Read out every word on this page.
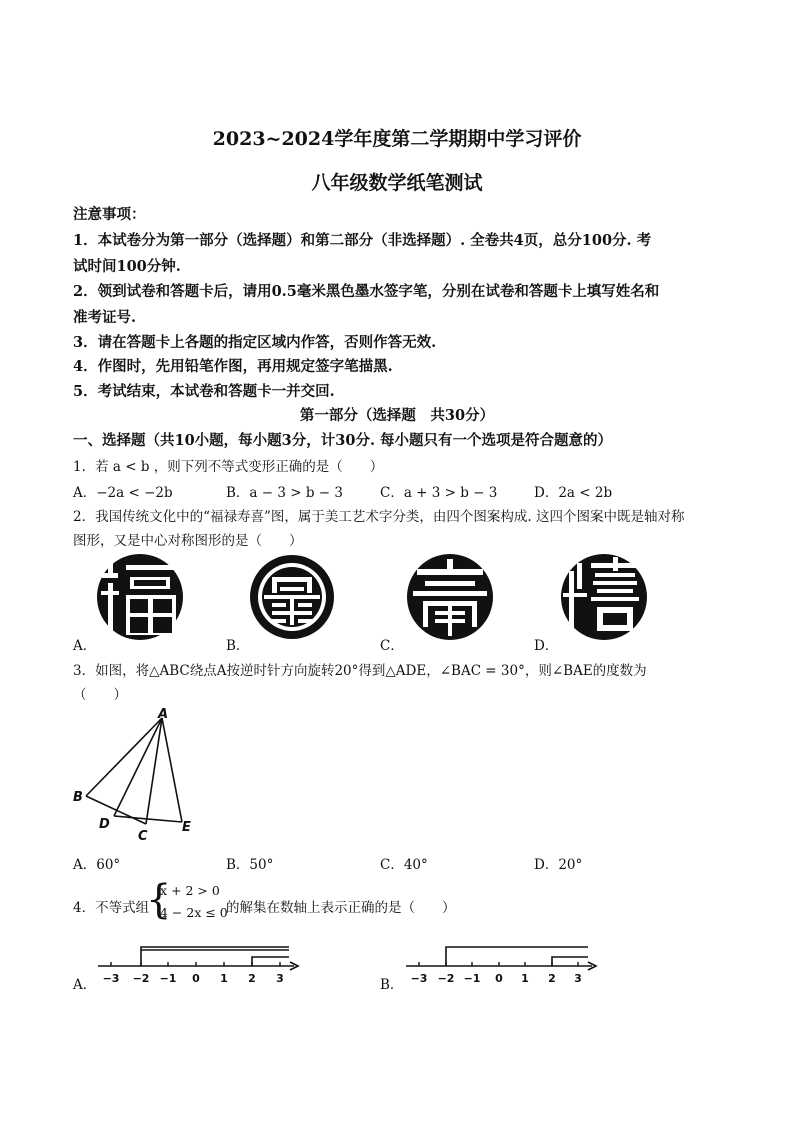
2023~2024学年度第二学期期中学习评价
八年级数学纸笔测试
注意事项：
1．本试卷分为第一部分（选择题）和第二部分（非选择题）. 全卷共4页，总分100分. 考
试时间100分钟.
2．领到试卷和答题卡后，请用0.5毫米黑色墨水签字笔，分别在试卷和答题卡上填写姓名和
准考证号.
3．请在答题卡上各题的指定区域内作答，否则作答无效.
4．作图时，先用铅笔作图，再用规定签字笔描黑.
5．考试结束，本试卷和答题卡一并交回.
第一部分（选择题　共30分）
一、选择题（共10小题，每小题3分，计30分. 每小题只有一个选项是符合题意的）
1．若 a < b ，则下列不等式变形正确的是（　　）
A．−2a < −2b	B．a − 3 > b − 3	C．a + 3 > b − 3	D．2a < 2b
2．我国传统文化中的“福禄寿喜”图，属于美工艺术字分类，由四个图案构成. 这四个图案中既是轴对称
图形，又是中心对称图形的是（　　）
A．	B．	C．	D．
3．如图，将△ABC绕点A按逆时针方向旋转20°得到△ADE，∠BAC = 30°，则∠BAE的度数为
（　　）
A
B
C
D	E
A．60°	B．50°	C．40°	D．20°
4．不等式组
{
x + 2 > 0
4 − 2x ≤ 0
的解集在数轴上表示正确的是（　　）
A． −3 −2 −1 0 1 2 3	B． −3 −2 −1 0 1 2 3
